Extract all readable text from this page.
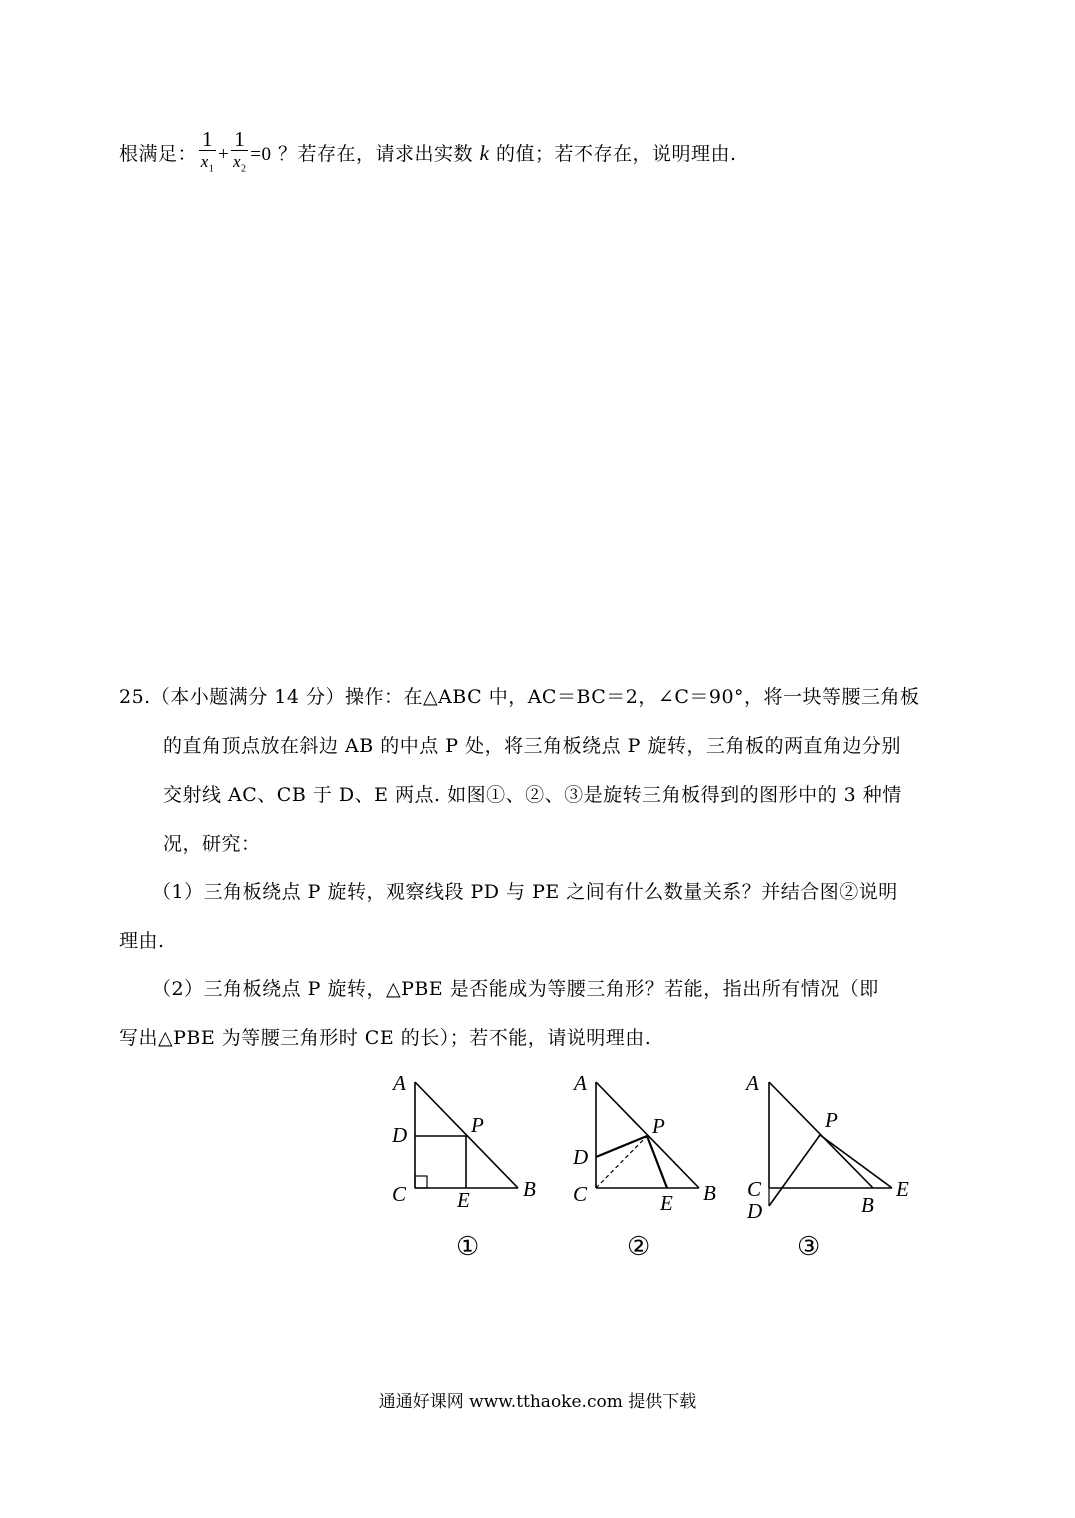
根满足： $\frac{1}{x_1} + \frac{1}{x_2} =0$ ？若存在，请求出实数 k 的值；若不存在，说明理由.
25.（本小题满分 14 分）操作：在△ABC 中，AC＝BC＝2，∠C＝90°，将一块等腰三角板
的直角顶点放在斜边 AB 的中点 P 处，将三角板绕点 P 旋转，三角板的两直角边分别
交射线 AC、CB 于 D、E 两点. 如图①、②、③是旋转三角板得到的图形中的 3 种情
况，研究：
（1）三角板绕点 P 旋转，观察线段 PD 与 PE 之间有什么数量关系？并结合图②说明
理由.
（2）三角板绕点 P 旋转，△PBE 是否能成为等腰三角形？若能，指出所有情况（即
写出△PBE 为等腰三角形时 CE 的长）；若不能，请说明理由.
A
D	P
C E	B
①
A
D
P
C	E B
②
A
P
C
D	B
E
③
通通好课网 www.tthaoke.com 提供下载
